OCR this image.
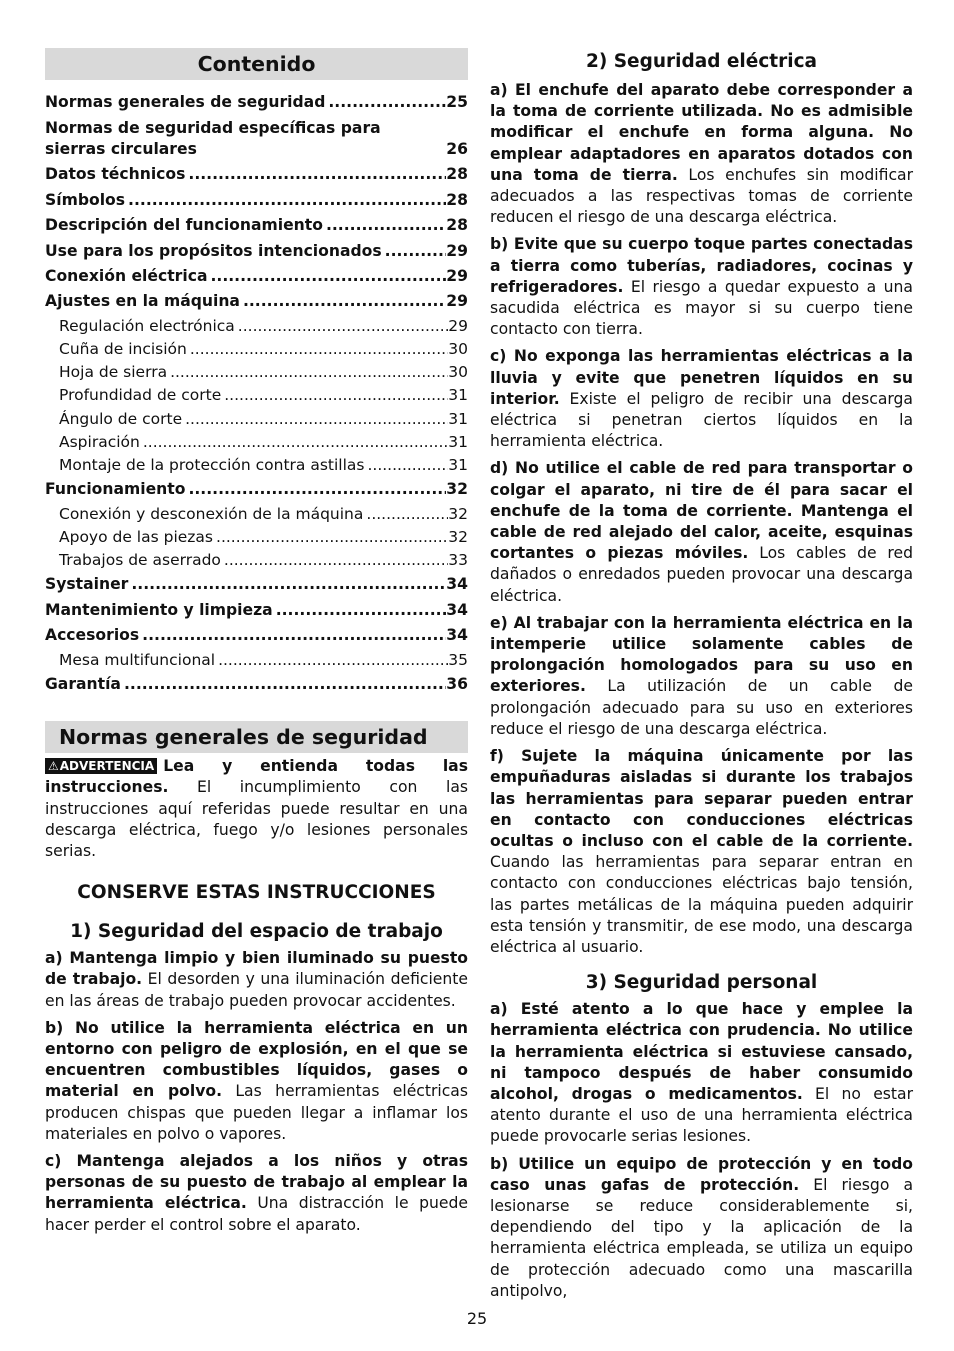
Contenido
Normas generales de seguridad .....	25
Normas de seguridad específicas para
sierras circulares	26
Datos téchnicos .....	28
Símbolos .....	28
Descripción del funcionamiento .....	28
Use para los propósitos intencionados .....	29
Conexión eléctrica .....	29
Ajustes en la máquina .....	29
Regulación electrónica .....	29
Cuña de incisión .....	30
Hoja de sierra .....	30
Profundidad de corte .....	31
Ángulo de corte .....	31
Aspiración .....	31
Montaje de la protección contra astillas .....	31
Funcionamiento .....	32
Conexión y desconexión de la máquina .....	32
Apoyo de las piezas .....	32
Trabajos de aserrado .....	33
Systainer .....	34
Mantenimiento y limpieza .....	34
Accesorios .....	34
Mesa multifuncional .....	35
Garantía .....	36
Normas generales de seguridad

⚠ADVERTENCIA Lea y entienda todas las instrucciones. El incumplimiento con las instrucciones aquí referidas puede resultar en una descarga eléctrica, fuego y/o lesiones personales serias.

CONSERVE ESTAS INSTRUCCIONES

1) Seguridad del espacio de trabajo

a) Mantenga limpio y bien iluminado su puesto de trabajo. El desorden y una iluminación deficiente en las áreas de trabajo pueden provocar accidentes.

b) No utilice la herramienta eléctrica en un entorno con peligro de explosión, en el que se encuentren combustibles líquidos, gases o material en polvo. Las herramientas eléctricas producen chispas que pueden llegar a inflamar los materiales en polvo o vapores.

c) Mantenga alejados a los niños y otras personas de su puesto de trabajo al emplear la herramienta eléctrica. Una distracción le puede hacer perder el control sobre el aparato.

2) Seguridad eléctrica

a) El enchufe del aparato debe corresponder a la toma de corriente utilizada. No es admisible modificar el enchufe en forma alguna. No emplear adaptadores en aparatos dotados con una toma de tierra. Los enchufes sin modificar adecuados a las respectivas tomas de corriente reducen el riesgo de una descarga eléctrica.

b) Evite que su cuerpo toque partes conectadas a tierra como tuberías, radiadores, cocinas y refrigeradores. El riesgo a quedar expuesto a una sacudida eléctrica es mayor si su cuerpo tiene contacto con tierra.

c) No exponga las herramientas eléctricas a la lluvia y evite que penetren líquidos en su interior. Existe el peligro de recibir una descarga eléctrica si penetran ciertos líquidos en la herramienta eléctrica.

d) No utilice el cable de red para transportar o colgar el aparato, ni tire de él para sacar el enchufe de la toma de corriente. Mantenga el cable de red alejado del calor, aceite, esquinas cortantes o piezas móviles. Los cables de red dañados o enredados pueden provocar una descarga eléctrica.

e) Al trabajar con la herramienta eléctrica en la intemperie utilice solamente cables de prolongación homologados para su uso en exteriores. La utilización de un cable de prolongación adecuado para su uso en exteriores reduce el riesgo de una descarga eléctrica.

f) Sujete la máquina únicamente por las empuñaduras aisladas si durante los trabajos las herramientas para separar pueden entrar en contacto con conducciones eléctricas ocultas o incluso con el cable de la corriente. Cuando las herramientas para separar entran en contacto con conducciones eléctricas bajo tensión, las partes metálicas de la máquina pueden adquirir esta tensión y transmitir, de ese modo, una descarga eléctrica al usuario.

3) Seguridad personal

a) Esté atento a lo que hace y emplee la herramienta eléctrica con prudencia. No utilice la herramienta eléctrica si estuviese cansado, ni tampoco después de haber consumido alcohol, drogas o medicamentos. El no estar atento durante el uso de una herramienta eléctrica puede provocarle serias lesiones.

b) Utilice un equipo de protección y en todo caso unas gafas de protección. El riesgo a lesionarse se reduce considerablemente si, dependiendo del tipo y la aplicación de la herramienta eléctrica empleada, se utiliza un equipo de protección adecuado como una mascarilla antipolvo,

25
